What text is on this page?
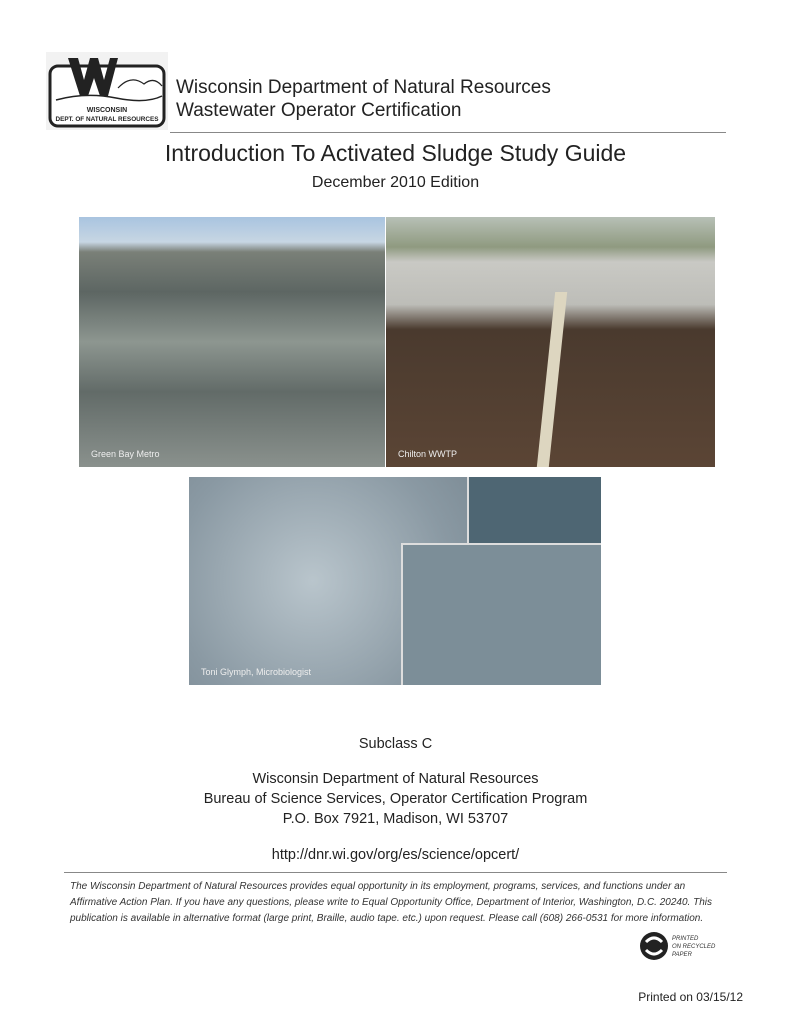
WISCONSIN
DEPT. OF NATURAL RESOURCES
Wisconsin Department of Natural Resources
Wastewater Operator Certification
Introduction To Activated Sludge Study Guide
December 2010 Edition
Green Bay Metro	Chilton WWTP
Toni Glymph, Microbiologist
Subclass C
Wisconsin Department of Natural Resources
Bureau of Science Services, Operator Certification Program
P.O. Box 7921, Madison, WI 53707
http://dnr.wi.gov/org/es/science/opcert/
The Wisconsin Department of Natural Resources provides equal opportunity in its employment, programs, services, and functions under an Affirmative Action Plan. If you have any questions, please write to Equal Opportunity Office, Department of Interior, Washington, D.C. 20240. This publication is available in alternative format (large print, Braille, audio tape. etc.) upon request. Please call (608) 266-0531 for more information.
PRINTED
ON RECYCLED
PAPER
Printed on 03/15/12
